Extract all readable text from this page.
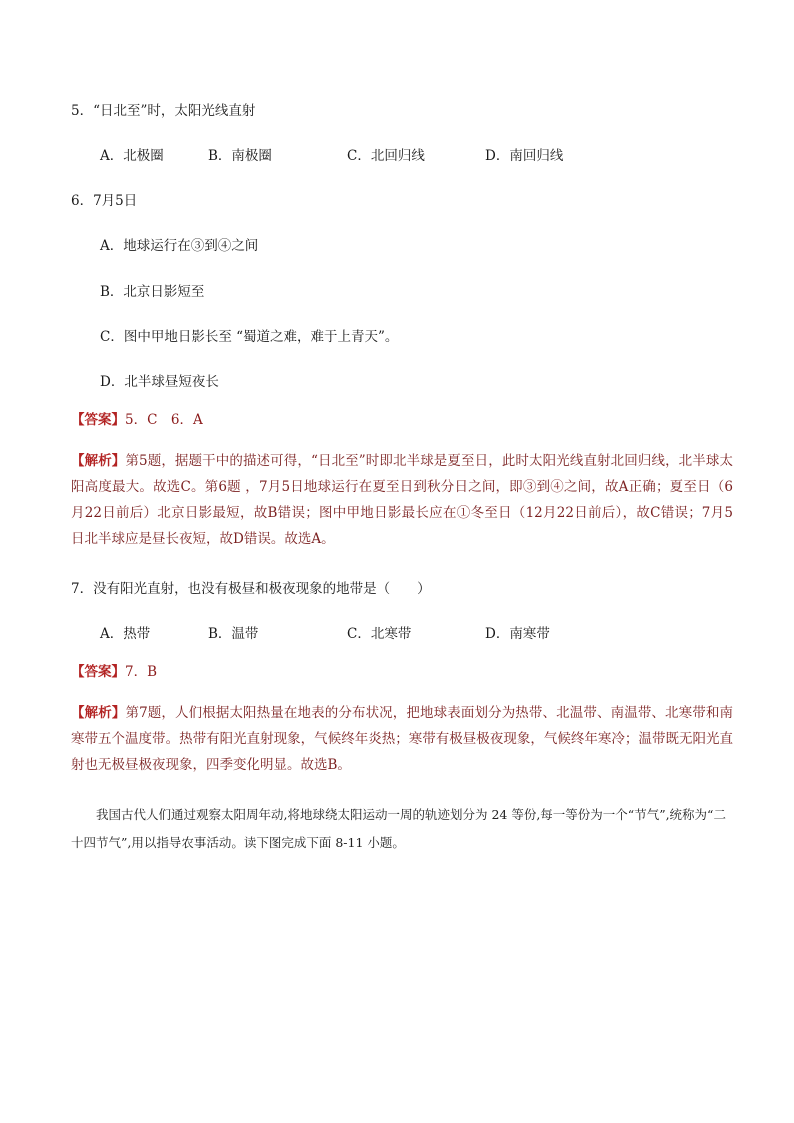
5．“日北至”时，太阳光线直射
A．北极圈	B．南极圈	C．北回归线	D．南回归线
6．7月5日
A．地球运行在③到④之间
B．北京日影短至
C．图中甲地日影长至 “蜀道之难，难于上青天”。
D．北半球昼短夜长
【答案】5．C　6．A
【解析】第5题，据题干中的描述可得，“日北至”时即北半球是夏至日，此时太阳光线直射北回归线，北半球太阳高度最大。故选C。第6题 ，7月5日地球运行在夏至日到秋分日之间，即③到④之间，故A正确；夏至日（6月22日前后）北京日影最短，故B错误；图中甲地日影最长应在①冬至日（12月22日前后），故C错误；7月5日北半球应是昼长夜短，故D错误。故选A。
7．没有阳光直射，也没有极昼和极夜现象的地带是（　　）
A．热带	B．温带	C．北寒带	D．南寒带
【答案】7．B
【解析】第7题，人们根据太阳热量在地表的分布状况，把地球表面划分为热带、北温带、南温带、北寒带和南寒带五个温度带。热带有阳光直射现象，气候终年炎热；寒带有极昼极夜现象，气候终年寒冷；温带既无阳光直射也无极昼极夜现象，四季变化明显。故选B。
我国古代人们通过观察太阳周年动,将地球绕太阳运动一周的轨迹划分为 24 等份,每一等份为一个“节气”,统称为“二十四节气”,用以指导农事活动。读下图完成下面 8-11 小题。
